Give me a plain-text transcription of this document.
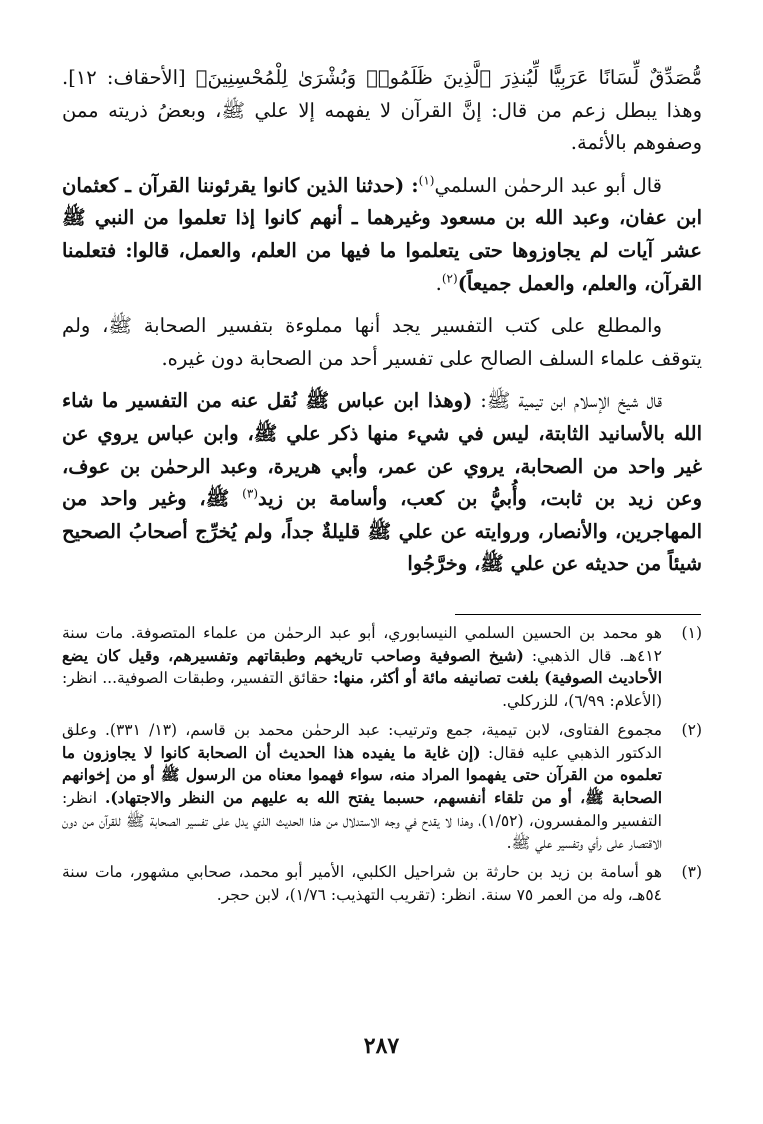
مُّصَدِّقٌ لِّسَانًا عَرَبِيًّا لِّيُنذِرَ ٱلَّذِينَ ظَلَمُوا۟ وَبُشْرَىٰ لِلْمُحْسِنِينَ﴾ [الأحقاف: ١٢]. وهذا يبطل زعم من قال: إنَّ القرآن لا يفهمه إلا علي ﷺ، وبعضُ ذريته ممن وصفوهم بالأئمة.

قال أبو عبد الرحمٰن السلمي$^{(١)}$: (حدثنا الذين كانوا يقرئوننا القرآن ـ كعثمان ابن عفان، وعبد الله بن مسعود وغيرهما ـ أنهم كانوا إذا تعلموا من النبي ﷺ عشر آيات لم يجاوزوها حتى يتعلموا ما فيها من العلم، والعمل، قالوا: فتعلمنا القرآن، والعلم، والعمل جميعاً)$^{(٢)}$.

والمطلع على كتب التفسير يجد أنها مملوءة بتفسير الصحابة ﷺ، ولم يتوقف علماء السلف الصالح على تفسير أحد من الصحابة دون غيره.

قال شيخ الإسلام ابن تيمية ﷺ: (وهذا ابن عباس ﷺ نُقل عنه من التفسير ما شاء الله بالأسانيد الثابتة، ليس في شيء منها ذكر علي ﷺ، وابن عباس يروي عن غير واحد من الصحابة، يروي عن عمر، وأبي هريرة، وعبد الرحمٰن بن عوف، وعن زيد بن ثابت، وأُبيُّ بن كعب، وأسامة بن زيد$^{(٣)}$ ﷺ، وغير واحد من المهاجرين، والأنصار، وروايته عن علي ﷺ قليلةٌ جداً، ولم يُخرِّج أصحابُ الصحيح شيئاً من حديثه عن علي ﷺ، وخرَّجُوا

(١)
هو محمد بن الحسين السلمي النيسابوري، أبو عبد الرحمٰن من علماء المتصوفة. مات سنة ٤١٢هـ. قال الذهبي: (شيخ الصوفية وصاحب تاريخهم وطبقاتهم وتفسيرهم، وقيل كان يضع الأحاديث الصوفية) بلغت تصانيفه مائة أو أكثر، منها: حقائق التفسير، وطبقات الصوفية... انظر: (الأعلام: ٦/٩٩)، للزركلي.
(٢)
مجموع الفتاوى، لابن تيمية، جمع وترتيب: عبد الرحمٰن محمد بن قاسم، (١٣/ ٣٣١). وعلق الدكتور الذهبي عليه فقال: (إن غاية ما يفيده هذا الحديث أن الصحابة كانوا لا يجاوزون ما تعلموه من القرآن حتى يفهموا المراد منه، سواء فهموا معناه من الرسول ﷺ أو من إخوانهم الصحابة ﷺ، أو من تلقاء أنفسهم، حسبما يفتح الله به عليهم من النظر والاجتهاد). انظر: التفسير والمفسرون، (١/٥٢)، وهذا لا يقدح في وجه الاستدلال من هذا الحديث الذي يدل على تفسير الصحابة ﷺ للقرآن من دون الاقتصار على رأي وتفسير علي ﷺ.
(٣)
هو أسامة بن زيد بن حارثة بن شراحيل الكلبي، الأمير أبو محمد، صحابي مشهور، مات سنة ٥٤هـ، وله من العمر ٧٥ سنة. انظر: (تقريب التهذيب: ١/٧٦)، لابن حجر.
٢٨٧
